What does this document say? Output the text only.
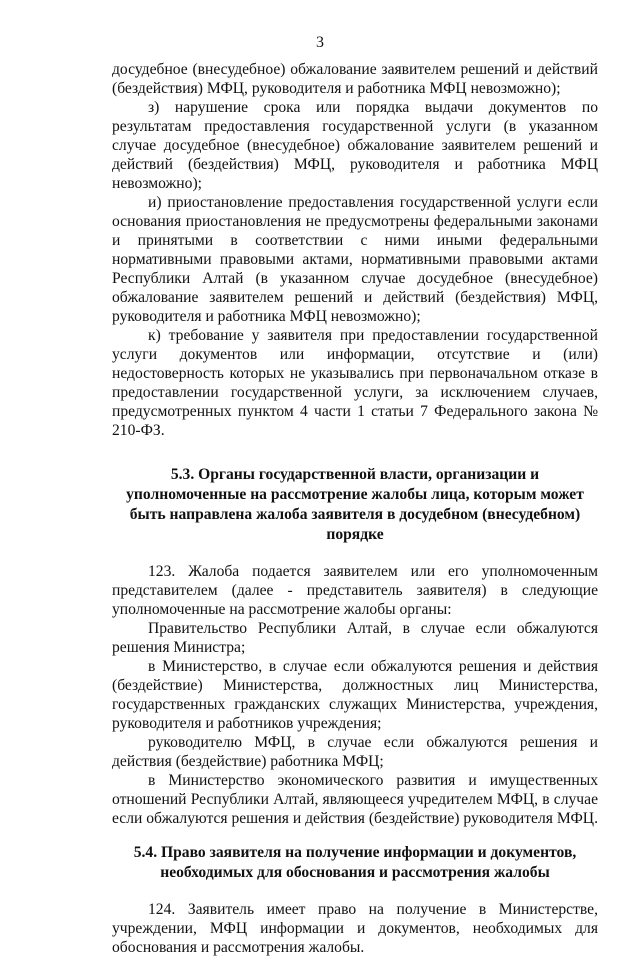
3

досудебное (внесудебное) обжалование заявителем решений и действий (бездействия) МФЦ, руководителя и работника МФЦ невозможно);

з) нарушение срока или порядка выдачи документов по результатам предоставления государственной услуги (в указанном случае досудебное (внесудебное) обжалование заявителем решений и действий (бездействия) МФЦ, руководителя и работника МФЦ невозможно);

и) приостановление предоставления государственной услуги если основания приостановления не предусмотрены федеральными законами и принятыми в соответствии с ними иными федеральными нормативными правовыми актами, нормативными правовыми актами Республики Алтай (в указанном случае досудебное (внесудебное) обжалование заявителем решений и действий (бездействия) МФЦ, руководителя и работника МФЦ невозможно);

к) требование у заявителя при предоставлении государственной услуги документов или информации, отсутствие и (или) недостоверность которых не указывались при первоначальном отказе в предоставлении государственной услуги, за исключением случаев, предусмотренных пунктом 4 части 1 статьи 7 Федерального закона № 210-ФЗ.

5.3. Органы государственной власти, организации и уполномоченные на рассмотрение жалобы лица, которым может быть направлена жалоба заявителя в досудебном (внесудебном) порядке

123. Жалоба подается заявителем или его уполномоченным представителем (далее - представитель заявителя) в следующие уполномоченные на рассмотрение жалобы органы:

Правительство Республики Алтай, в случае если обжалуются решения Министра;

в Министерство, в случае если обжалуются решения и действия (бездействие) Министерства, должностных лиц Министерства, государственных гражданских служащих Министерства, учреждения, руководителя и работников учреждения;

руководителю МФЦ, в случае если обжалуются решения и действия (бездействие) работника МФЦ;

в Министерство экономического развития и имущественных отношений Республики Алтай, являющееся учредителем МФЦ, в случае если обжалуются решения и действия (бездействие) руководителя МФЦ.

5.4. Право заявителя на получение информации и документов, необходимых для обоснования и рассмотрения жалобы

124. Заявитель имеет право на получение в Министерстве, учреждении, МФЦ информации и документов, необходимых для обоснования и рассмотрения жалобы.
